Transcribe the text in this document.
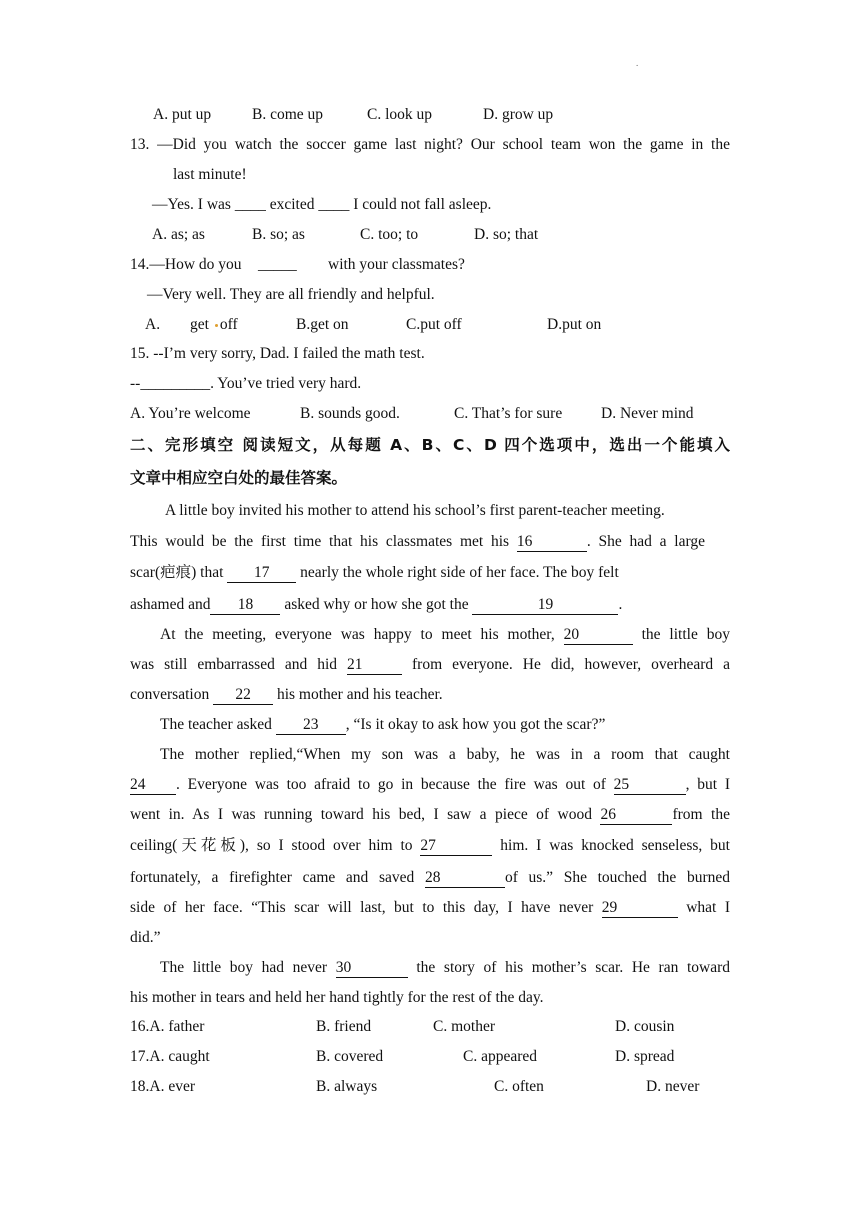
.
A. put up	B. come up	C. look up	D. grow up
13. —Did you watch the soccer game last night? Our school team won the game in the
last minute!
—Yes. I was ____ excited ____ I could not fall asleep.
A. as; as	B. so; as	C. too; to	D. so; that
14.—How do you _____ with your classmates?
—Very well. They are all friendly and helpful.
A. get off	B.get on	C.put off	D.put on
15. --I’m very sorry, Dad. I failed the math test.
--_________. You’ve tried very hard.
A. You’re welcome	B. sounds good.	C. That’s for sure	D. Never mind
二、完形填空 阅读短文，从每题 A、B、C、D 四个选项中，选出一个能填入
文章中相应空白处的最佳答案。
A little boy invited his mother to attend his school’s first parent-teacher meeting.
This would be the first time that his classmates met his 16	. She had a large
scar(疤痕) that 17 nearly the whole right side of her face. The boy felt
ashamed and 18 asked why or how she got the	19	.
At the meeting, everyone was happy to meet his mother, 20	the little boy
was still embarrassed and hid 21	from everyone. He did, however, overheard a
conversation 22 his mother and his teacher.
The teacher asked 23 , “Is it okay to ask how you got the scar?”
The mother replied,“When my son was a baby, he was in a room that caught
24 . Everyone was too afraid to go in because the fire was out of 25	, but I
went in. As I was running toward his bed, I saw a piece of wood 26	from the
ceiling(天花板), so I stood over him to 27	him. I was knocked senseless, but
fortunately, a firefighter came and saved 28	of us.” She touched the burned
side of her face. “This scar will last, but to this day, I have never 29	what I
did.”
The little boy had never 30	the story of his mother’s scar. He ran toward
his mother in tears and held her hand tightly for the rest of the day.
16.A. father	B. friend	C. mother	D. cousin
17.A. caught	B. covered	C. appeared	D. spread
18.A. ever	B. always	C. often	D. never
